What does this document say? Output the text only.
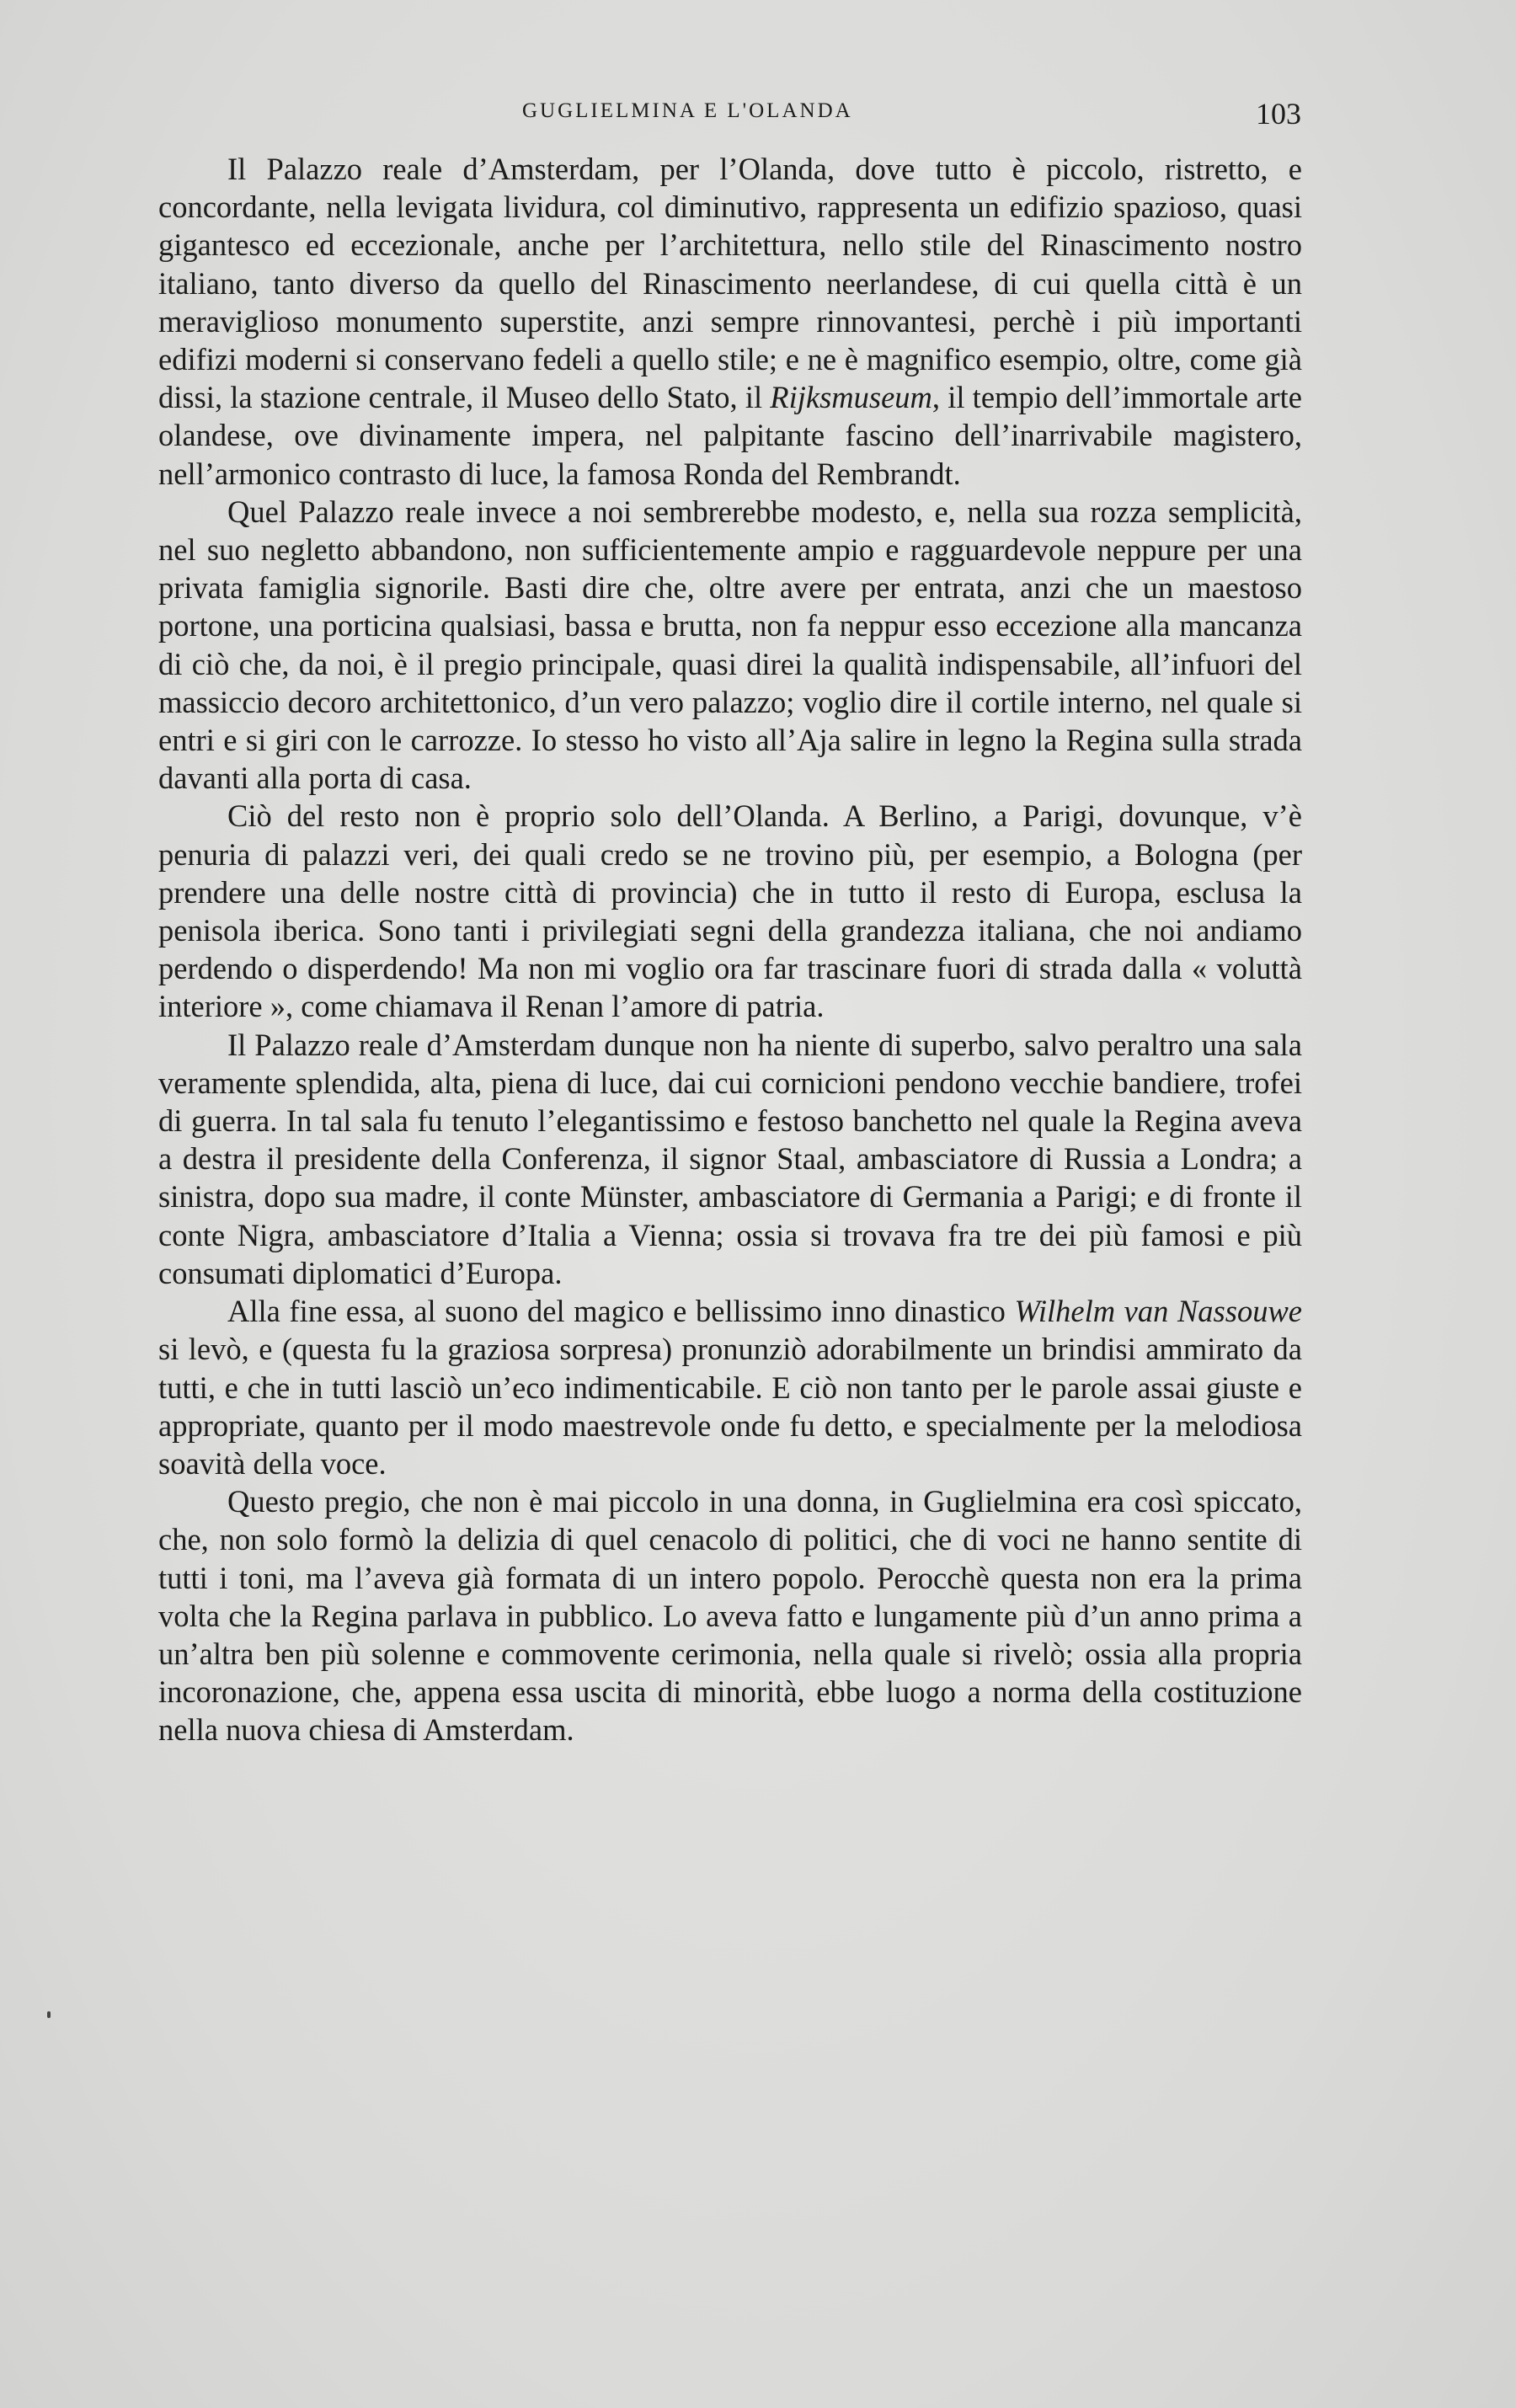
GUGLIELMINA E L'OLANDA	103

Il Palazzo reale d’Amsterdam, per l’Olanda, dove tutto è piccolo, ristretto, e concordante, nella levigata lividura, col diminutivo, rappresenta un edifizio spazioso, quasi gigantesco ed eccezionale, anche per l’architettura, nello stile del Rinascimento nostro italiano, tanto diverso da quello del Rinascimento neerlandese, di cui quella città è un meraviglioso monumento superstite, anzi sempre rinnovantesi, perchè i più importanti edifizi moderni si conservano fedeli a quello stile; e ne è magnifico esempio, oltre, come già dissi, la stazione centrale, il Museo dello Stato, il Rijksmuseum, il tempio dell’immortale arte olandese, ove divinamente impera, nel palpitante fascino dell’inarrivabile magistero, nell’armonico contrasto di luce, la famosa Ronda del Rembrandt.

Quel Palazzo reale invece a noi sembrerebbe modesto, e, nella sua rozza semplicità, nel suo negletto abbandono, non sufficientemente ampio e ragguardevole neppure per una privata famiglia signorile. Basti dire che, oltre avere per entrata, anzi che un maestoso portone, una porticina qualsiasi, bassa e brutta, non fa neppur esso eccezione alla mancanza di ciò che, da noi, è il pregio principale, quasi direi la qualità indispensabile, all’infuori del massiccio decoro architettonico, d’un vero palazzo; voglio dire il cortile interno, nel quale si entri e si giri con le carrozze. Io stesso ho visto all’Aja salire in legno la Regina sulla strada davanti alla porta di casa.

Ciò del resto non è proprio solo dell’Olanda. A Berlino, a Parigi, dovunque, v’è penuria di palazzi veri, dei quali credo se ne trovino più, per esempio, a Bologna (per prendere una delle nostre città di provincia) che in tutto il resto di Europa, esclusa la penisola iberica. Sono tanti i privilegiati segni della grandezza italiana, che noi andiamo perdendo o disperdendo! Ma non mi voglio ora far trascinare fuori di strada dalla « voluttà interiore », come chiamava il Renan l’amore di patria.

Il Palazzo reale d’Amsterdam dunque non ha niente di superbo, salvo peraltro una sala veramente splendida, alta, piena di luce, dai cui cornicioni pendono vecchie bandiere, trofei di guerra. In tal sala fu tenuto l’elegantissimo e festoso banchetto nel quale la Regina aveva a destra il presidente della Conferenza, il signor Staal, ambasciatore di Russia a Londra; a sinistra, dopo sua madre, il conte Münster, ambasciatore di Germania a Parigi; e di fronte il conte Nigra, ambasciatore d’Italia a Vienna; ossia si trovava fra tre dei più famosi e più consumati diplomatici d’Europa.

Alla fine essa, al suono del magico e bellissimo inno dinastico Wilhelm van Nassouwe si levò, e (questa fu la graziosa sorpresa) pronunziò adorabilmente un brindisi ammirato da tutti, e che in tutti lasciò un’eco indimenticabile. E ciò non tanto per le parole assai giuste e appropriate, quanto per il modo maestrevole onde fu detto, e specialmente per la melodiosa soavità della voce.

Questo pregio, che non è mai piccolo in una donna, in Guglielmina era così spiccato, che, non solo formò la delizia di quel cenacolo di politici, che di voci ne hanno sentite di tutti i toni, ma l’aveva già formata di un intero popolo. Perocchè questa non era la prima volta che la Regina parlava in pubblico. Lo aveva fatto e lungamente più d’un anno prima a un’altra ben più solenne e commovente cerimonia, nella quale si rivelò; ossia alla propria incoronazione, che, appena essa uscita di minorità, ebbe luogo a norma della costituzione nella nuova chiesa di Amsterdam.
